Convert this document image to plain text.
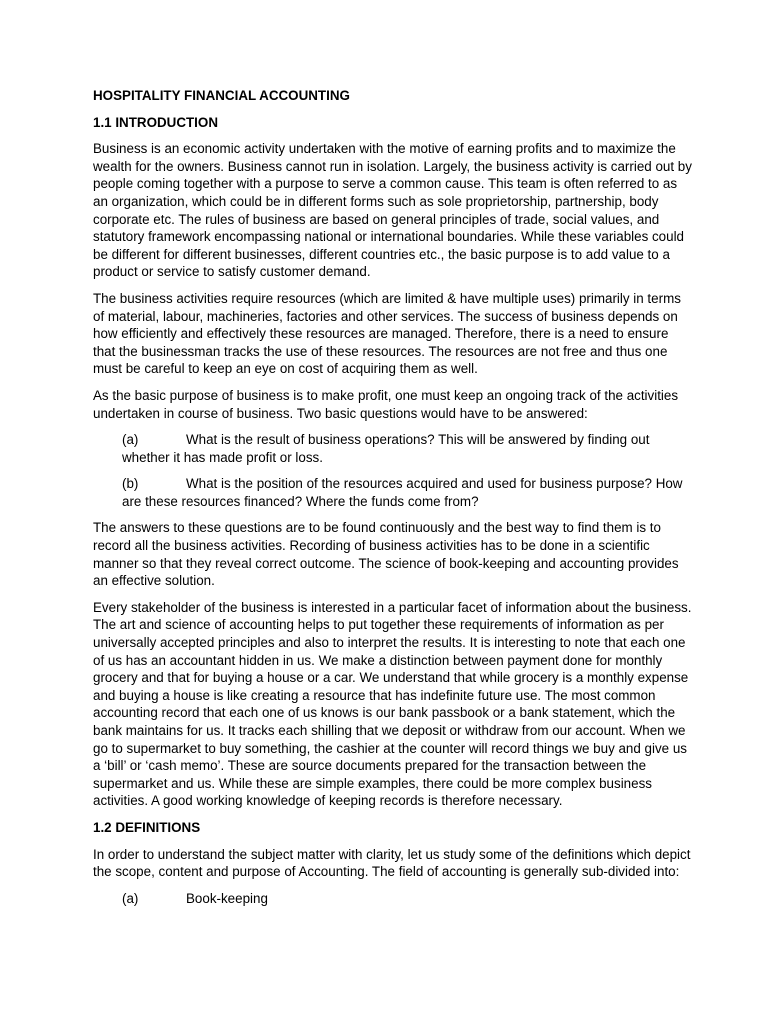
HOSPITALITY FINANCIAL ACCOUNTING
1.1 INTRODUCTION

Business is an economic activity undertaken with the motive of earning profits and to maximize the wealth for the owners. Business cannot run in isolation. Largely, the business activity is carried out by people coming together with a purpose to serve a common cause. This team is often referred to as an organization, which could be in different forms such as sole proprietorship, partnership, body corporate etc. The rules of business are based on general principles of trade, social values, and statutory framework encompassing national or international boundaries. While these variables could be different for different businesses, different countries etc., the basic purpose is to add value to a product or service to satisfy customer demand.

The business activities require resources (which are limited & have multiple uses) primarily in terms of material, labour, machineries, factories and other services. The success of business depends on how efficiently and effectively these resources are managed. Therefore, there is a need to ensure that the businessman tracks the use of these resources. The resources are not free and thus one must be careful to keep an eye on cost of acquiring them as well.

As the basic purpose of business is to make profit, one must keep an ongoing track of the activities undertaken in course of business. Two basic questions would have to be answered:

(a)	What is the result of business operations? This will be answered by finding out whether it has made profit or loss.
(b)	What is the position of the resources acquired and used for business purpose? How are these resources financed? Where the funds come from?

The answers to these questions are to be found continuously and the best way to find them is to record all the business activities. Recording of business activities has to be done in a scientific manner so that they reveal correct outcome. The science of book-keeping and accounting provides an effective solution.

Every stakeholder of the business is interested in a particular facet of information about the business. The art and science of accounting helps to put together these requirements of information as per universally accepted principles and also to interpret the results. It is interesting to note that each one of us has an accountant hidden in us. We make a distinction between payment done for monthly grocery and that for buying a house or a car. We understand that while grocery is a monthly expense and buying a house is like creating a resource that has indefinite future use. The most common accounting record that each one of us knows is our bank passbook or a bank statement, which the bank maintains for us. It tracks each shilling that we deposit or withdraw from our account. When we go to supermarket to buy something, the cashier at the counter will record things we buy and give us a ‘bill’ or ‘cash memo’. These are source documents prepared for the transaction between the supermarket and us. While these are simple examples, there could be more complex business activities. A good working knowledge of keeping records is therefore necessary.

1.2 DEFINITIONS

In order to understand the subject matter with clarity, let us study some of the definitions which depict the scope, content and purpose of Accounting. The field of accounting is generally sub-divided into:

(a)	Book-keeping
